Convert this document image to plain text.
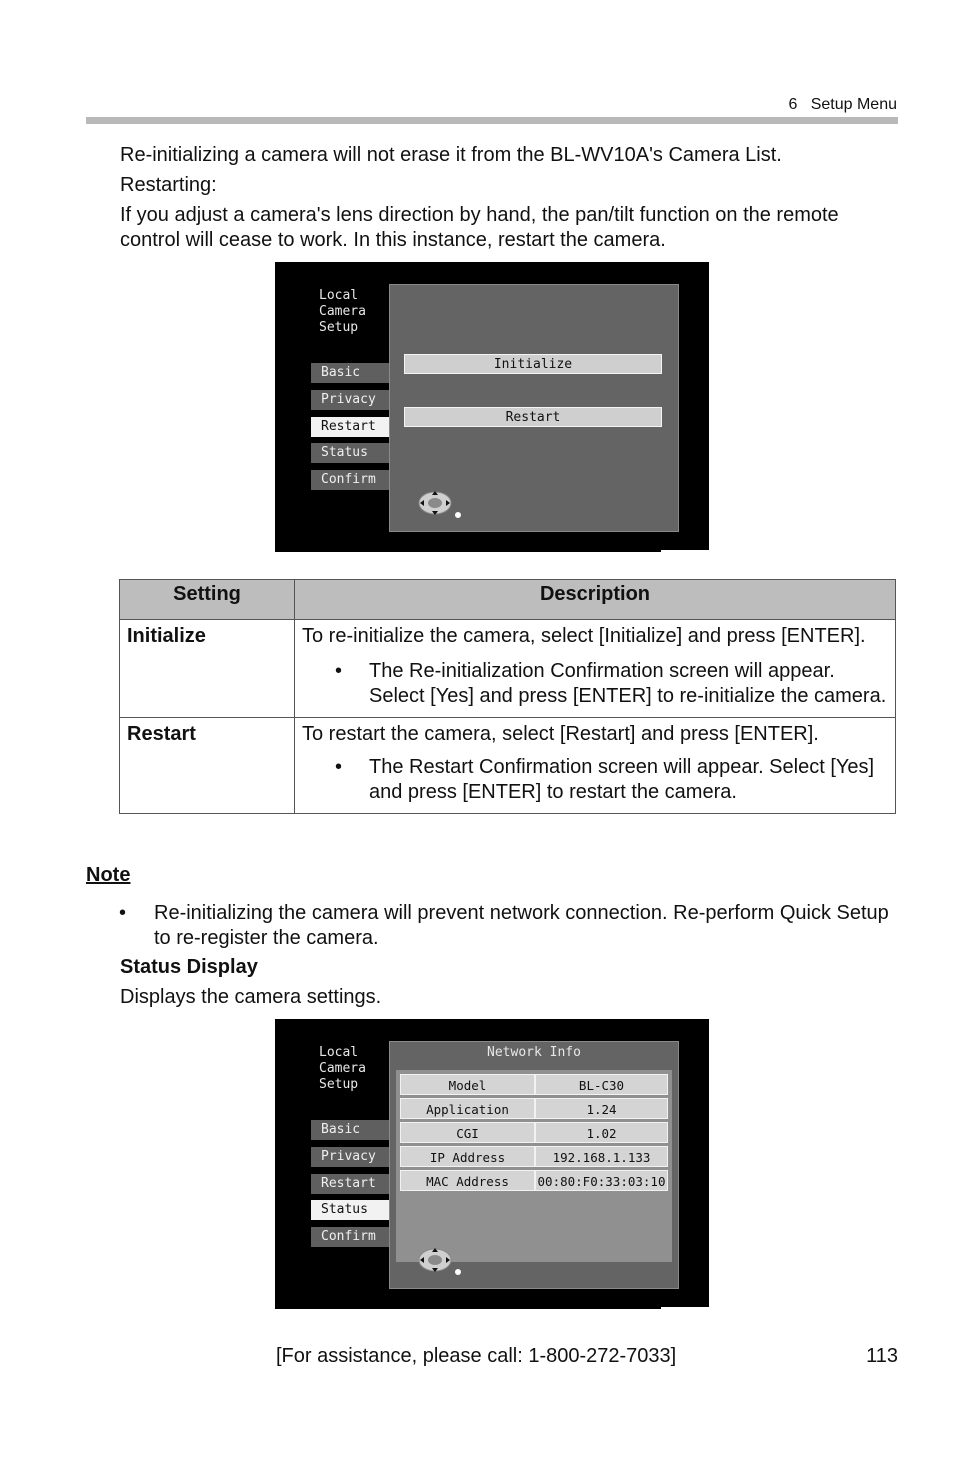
6   Setup Menu

Re-initializing a camera will not erase it from the BL-WV10A's Camera List.

Restarting:

If you adjust a camera's lens direction by hand, the pan/tilt function on the remote control will cease to work. In this instance, restart the camera.

Local
Camera
Setup
Basic
Privacy
Restart
Status
Confirm
Initialize
Restart
Setting	Description
Initialize	To re-initialize the camera, select [Initialize] and press [ENTER].

• The Re-initialization Confirmation screen will appear. Select [Yes] and press [ENTER] to re-initialize the camera.

Restart	To restart the camera, select [Restart] and press [ENTER].

• The Restart Confirmation screen will appear. Select [Yes] and press [ENTER] to restart the camera.
Note
• Re-initializing the camera will prevent network connection. Re-perform Quick Setup to re-register the camera.
Status Display
Displays the camera settings.
Local
Camera
Setup
Basic
Privacy
Restart
Status
Confirm
Network Info
Model	BL-C30
Application	1.24
CGI	1.02
IP Address	192.168.1.133
MAC Address	00:80:F0:33:03:10
[For assistance, please call: 1-800-272-7033]	113
